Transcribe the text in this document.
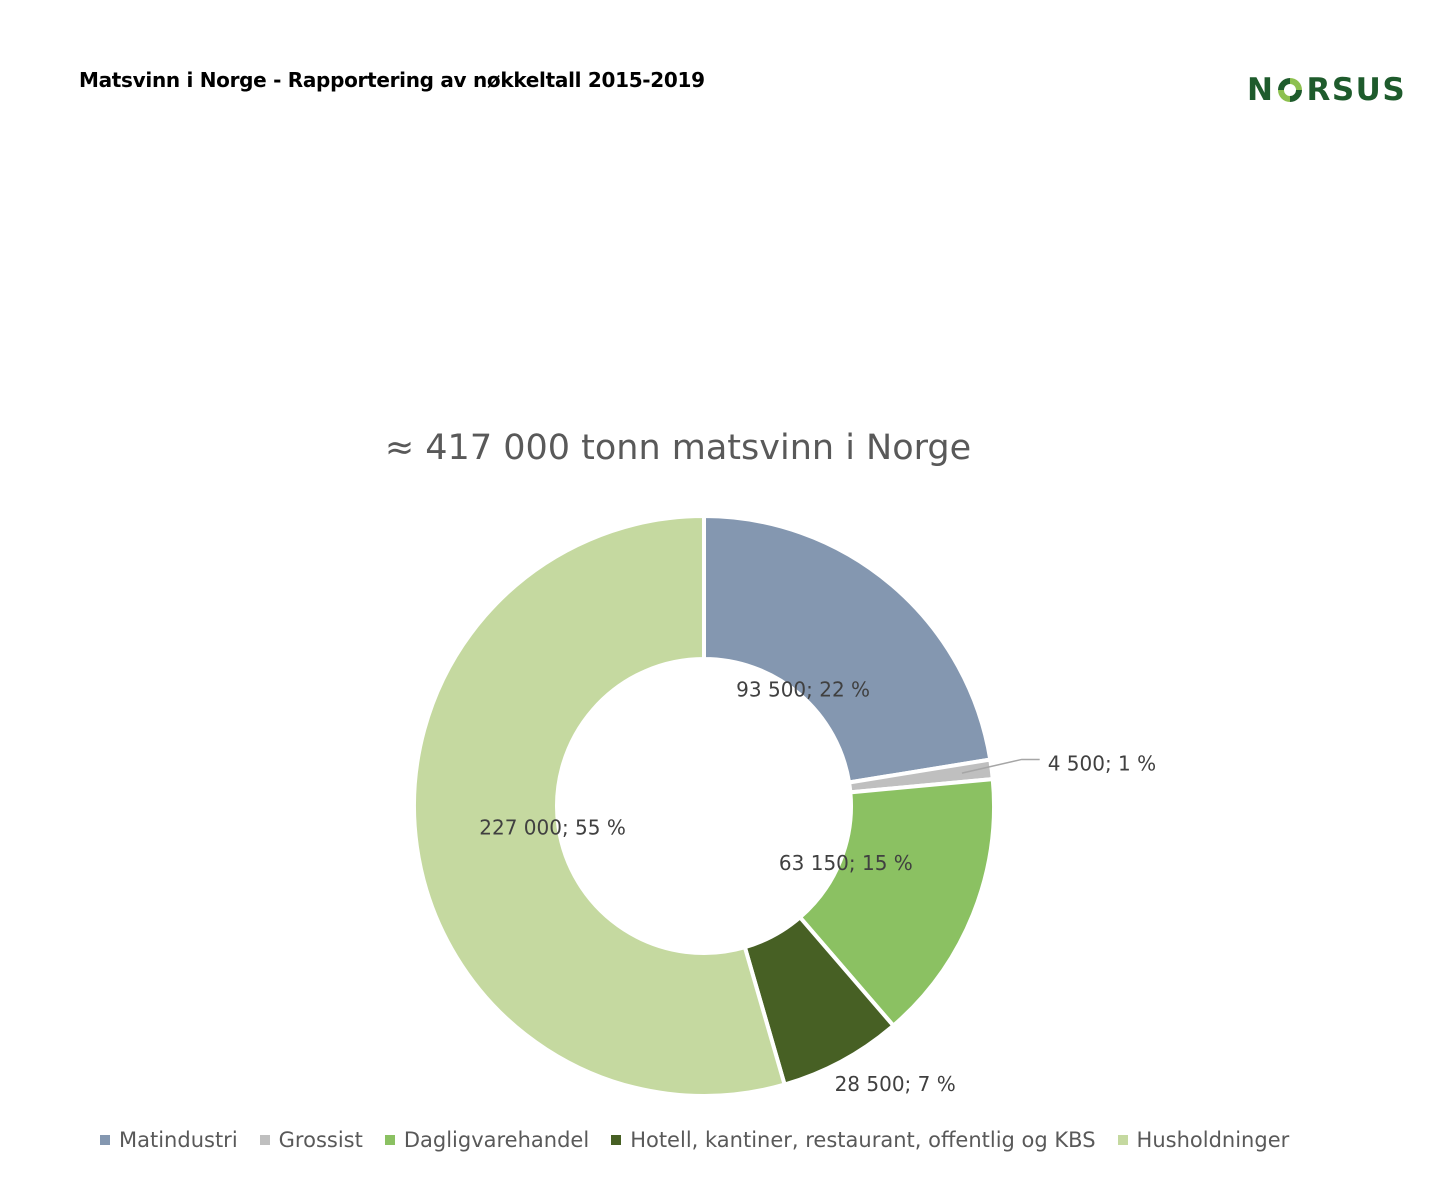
Matsvinn i Norge - Rapportering av nøkkeltall 2015-2019	N RSUS
≈ 417 000 tonn matsvinn i Norge
93 500; 22 %
4 500; 1 %
63 150; 15 %
28 500; 7 %
227 000; 55 %
Matindustri Grossist Dagligvarehandel Hotell, kantiner, restaurant, offentlig og KBS Husholdninger
